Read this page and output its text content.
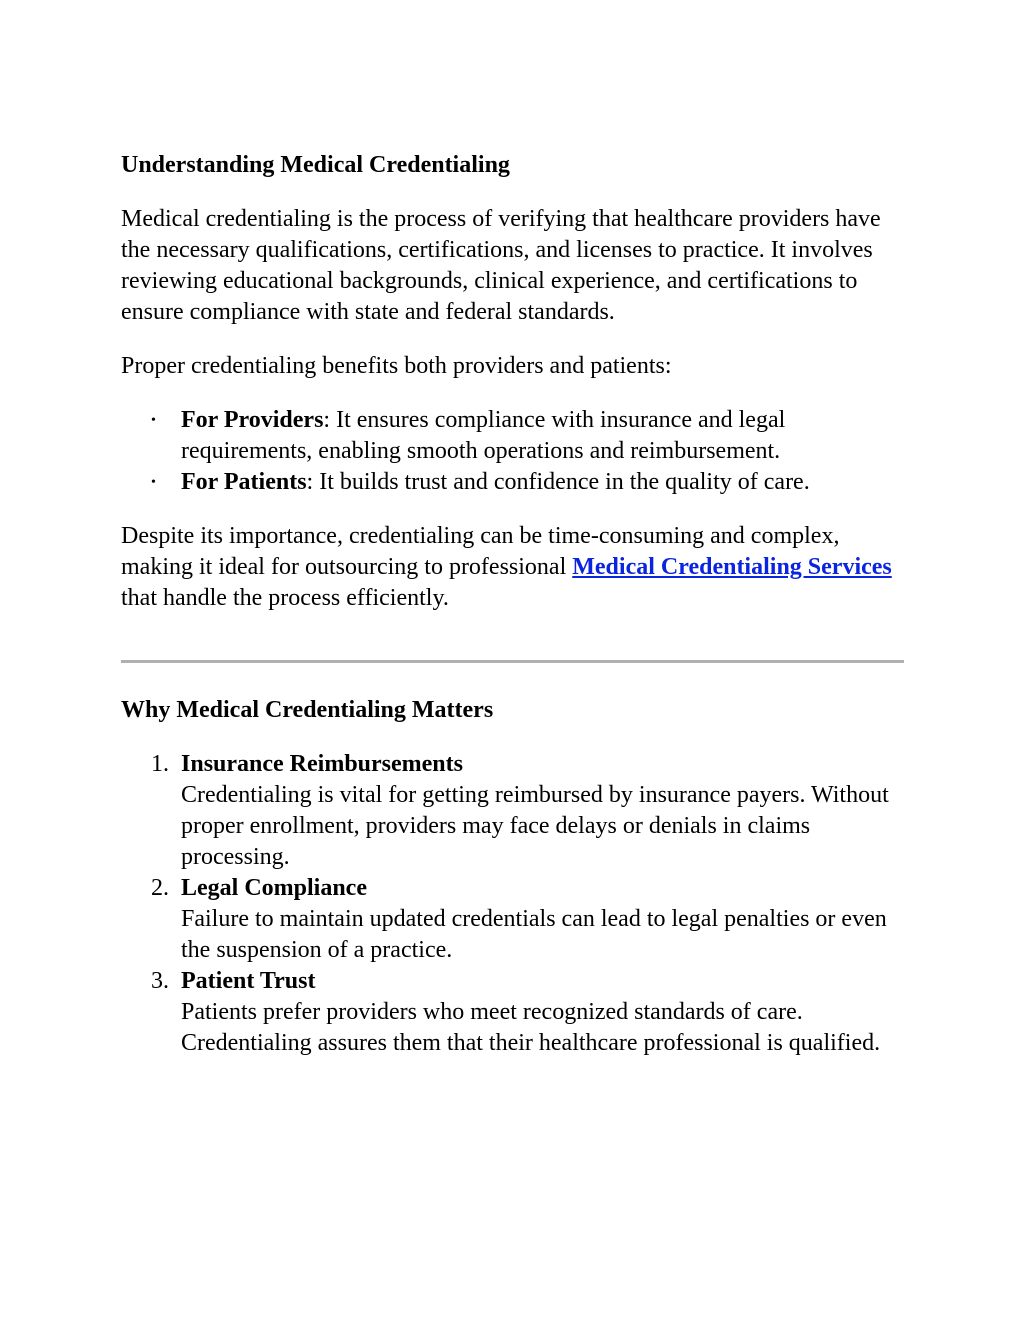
Understanding Medical Credentialing

Medical credentialing is the process of verifying that healthcare providers have the necessary qualifications, certifications, and licenses to practice. It involves reviewing educational backgrounds, clinical experience, and certifications to ensure compliance with state and federal standards.

Proper credentialing benefits both providers and patients:

• For Providers: It ensures compliance with insurance and legal requirements, enabling smooth operations and reimbursement.
• For Patients: It builds trust and confidence in the quality of care.

Despite its importance, credentialing can be time-consuming and complex, making it ideal for outsourcing to professional Medical Credentialing Services that handle the process efficiently.

Why Medical Credentialing Matters
1. Insurance Reimbursements
Credentialing is vital for getting reimbursed by insurance payers. Without proper enrollment, providers may face delays or denials in claims processing.
2. Legal Compliance
Failure to maintain updated credentials can lead to legal penalties or even the suspension of a practice.
3. Patient Trust
Patients prefer providers who meet recognized standards of care. Credentialing assures them that their healthcare professional is qualified.
